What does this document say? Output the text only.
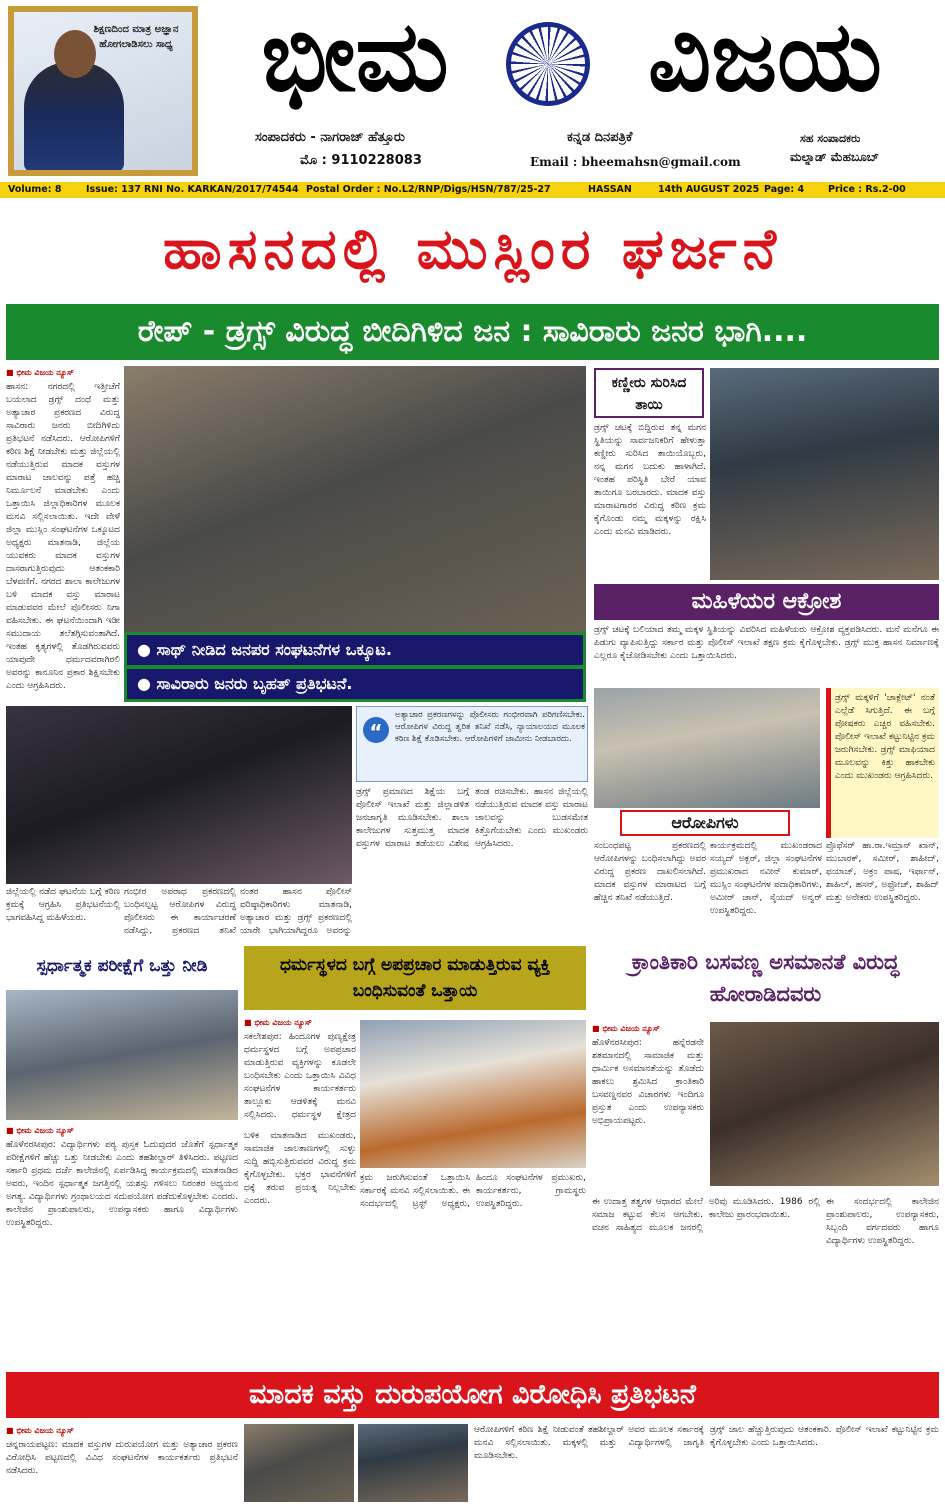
ಶಿಕ್ಷಣದಿಂದ ಮಾತ್ರ ಅಜ್ಞಾನ ಹೋಗಲಾಡಿಸಲು ಸಾಧ್ಯ ಭೀಮ	ವಿಜಯ
ಸಂಪಾದಕರು - ನಾಗರಾಜ್ ಹೆತ್ತೂರು
ಮೊ : 9110228083
ಕನ್ನಡ ದಿನಪತ್ರಿಕೆ
Email : bheemahsn@gmail.com
ಸಹ ಸಂಪಾದಕರು
ಮಲ್ನಾಡ್ ಮೆಹಬೂಬ್
Volume: 8	Issue: 137 RNI No. KARKAN/2017/74544 Postal Order : No.L2/RNP/Digs/HSN/787/25-27	HASSAN	14th AUGUST 2025 Page: 4	Price : Rs.2-00
ಹಾಸನದಲ್ಲಿ ಮುಸ್ಲಿಂರ ಘರ್ಜನೆ
ರೇಪ್ - ಡ್ರಗ್ಸ್ ವಿರುದ್ಧ ಬೀದಿಗಿಳಿದ ಜನ : ಸಾವಿರಾರು ಜನರ ಭಾಗಿ....
■ ಭೀಮ ವಿಜಯ ನ್ಯೂಸ್
ಹಾಸನ: ನಗರದಲ್ಲಿ ಇತ್ತೀಚೆಗೆ ಬಯಲಾದ ಡ್ರಗ್ಸ್ ದಂಧೆ ಮತ್ತು ಅತ್ಯಾಚಾರ ಪ್ರಕರಣದ ವಿರುದ್ಧ ಸಾವಿರಾರು ಜನರು ಬೀದಿಗಿಳಿದು ಪ್ರತಿಭಟನೆ ನಡೆಸಿದರು. ಆರೋಪಿಗಳಿಗೆ ಕಠಿಣ ಶಿಕ್ಷೆ ನೀಡಬೇಕು ಮತ್ತು ಜಿಲ್ಲೆಯಲ್ಲಿ ನಡೆಯುತ್ತಿರುವ ಮಾದಕ ವಸ್ತುಗಳ ಮಾರಾಟ ಜಾಲವನ್ನು ಪತ್ತೆ ಹಚ್ಚಿ ನಿರ್ಮೂಲನೆ ಮಾಡಬೇಕು ಎಂದು ಒತ್ತಾಯಿಸಿ ಜಿಲ್ಲಾಧಿಕಾರಿಗಳ ಮೂಲಕ ಮನವಿ ಸಲ್ಲಿಸಲಾಯಿತು. ಇದೇ ವೇಳೆ ಜಿಲ್ಲಾ ಮುಸ್ಲಿಂ ಸಂಘಟನೆಗಳ ಒಕ್ಕೂಟದ ಅಧ್ಯಕ್ಷರು ಮಾತನಾಡಿ, ಜಿಲ್ಲೆಯ ಯುವಕರು ಮಾದಕ ವಸ್ತುಗಳ ದಾಸರಾಗುತ್ತಿರುವುದು ಆತಂಕಕಾರಿ ಬೆಳವಣಿಗೆ. ನಗರದ ಶಾಲಾ ಕಾಲೇಜುಗಳ ಬಳಿ ಮಾದಕ ವಸ್ತು ಮಾರಾಟ ಮಾಡುವವರ ಮೇಲೆ ಪೊಲೀಸರು ನಿಗಾ ವಹಿಸಬೇಕು. ಈ ಘಟನೆಯಿಂದಾಗಿ ಇಡೀ ಸಮುದಾಯ ತಲೆತಗ್ಗಿಸುವಂತಾಗಿದೆ. ಇಂತಹ ಕೃತ್ಯಗಳಲ್ಲಿ ತೊಡಗಿರುವವರು ಯಾವುದೇ ಧರ್ಮದವರಾಗಿರಲಿ ಅವರನ್ನು ಕಾನೂನಿನ ಪ್ರಕಾರ ಶಿಕ್ಷಿಸಬೇಕು ಎಂದು ಆಗ್ರಹಿಸಿದರು.
● ಸಾಥ್ ನೀಡಿದ ಜನಪರ ಸಂಘಟನೆಗಳ ಒಕ್ಕೂಟ.
● ಸಾವಿರಾರು ಜನರು ಬೃಹತ್ ಪ್ರತಿಭಟನೆ.
ಕಣ್ಣೀರು ಸುರಿಸಿದ ತಾಯಿ
ಡ್ರಗ್ಸ್ ಚಟಕ್ಕೆ ಬಿದ್ದಿರುವ ತನ್ನ ಮಗನ ಸ್ಥಿತಿಯನ್ನು ಸಾರ್ವಜನಿಕರಿಗೆ ಹೇಳುತ್ತಾ ಕಣ್ಣೀರು ಸುರಿಸಿದ ತಾಯಿಯೊಬ್ಬರು, ನನ್ನ ಮಗನ ಬದುಕು ಹಾಳಾಗಿದೆ. ಇಂತಹ ಪರಿಸ್ಥಿತಿ ಬೇರೆ ಯಾವ ತಾಯಿಗೂ ಬರಬಾರದು. ಮಾದಕ ವಸ್ತು ಮಾರಾಟಗಾರರ ವಿರುದ್ಧ ಕಠಿಣ ಕ್ರಮ ಕೈಗೊಂಡು ನಮ್ಮ ಮಕ್ಕಳನ್ನು ರಕ್ಷಿಸಿ ಎಂದು ಮನವಿ ಮಾಡಿದರು.
ಮಹಿಳೆಯರ ಆಕ್ರೋಶ
ಡ್ರಗ್ಸ್ ಚಟಕ್ಕೆ ಬಲಿಯಾದ ತಮ್ಮ ಮಕ್ಕಳ ಸ್ಥಿತಿಯನ್ನು ವಿವರಿಸಿದ ಮಹಿಳೆಯರು ಆಕ್ರೋಶ ವ್ಯಕ್ತಪಡಿಸಿದರು. ಮನೆ ಮನೆಗೂ ಈ ಪಿಡುಗು ವ್ಯಾಪಿಸುತ್ತಿದ್ದು ಸರ್ಕಾರ ಮತ್ತು ಪೊಲೀಸ್ ಇಲಾಖೆ ತಕ್ಷಣ ಕ್ರಮ ಕೈಗೊಳ್ಳಬೇಕು. ಡ್ರಗ್ಸ್ ಮುಕ್ತ ಹಾಸನ ನಿರ್ಮಾಣಕ್ಕೆ ಎಲ್ಲರೂ ಕೈಜೋಡಿಸಬೇಕು ಎಂದು ಒತ್ತಾಯಿಸಿದರು.
ಜಿಲ್ಲೆಯಲ್ಲಿ ನಡೆದ ಘಟನೆಯ ಬಗ್ಗೆ ಕಠಿಣ ಕ್ರಮಕ್ಕೆ ಆಗ್ರಹಿಸಿ ಪ್ರತಿಭಟನೆಯಲ್ಲಿ ಭಾಗವಹಿಸಿದ್ದ ಮಹಿಳೆಯರು.
ಗಂಭೀರ ಅಪರಾಧ ಪ್ರಕರಣದಲ್ಲಿ ಬಂಧಿಸಲ್ಪಟ್ಟ ಆರೋಪಿಗಳ ವಿರುದ್ಧ ಪೊಲೀಸರು ಈ ಕಾರ್ಯಾಚರಣೆ ನಡೆಸಿದ್ದು, ಪ್ರಕರಣದ ತನಿಖೆ
ನಂತರ ಹಾಸನ ಪೊಲೀಸ್ ವರಿಷ್ಠಾಧಿಕಾರಿಗಳು ಮಾತನಾಡಿ, ಅತ್ಯಾಚಾರ ಮತ್ತು ಡ್ರಗ್ಸ್ ಪ್ರಕರಣದಲ್ಲಿ ಯಾರೇ ಭಾಗಿಯಾಗಿದ್ದರೂ ಅವರನ್ನು
“
ಅತ್ಯಾಚಾರ ಪ್ರಕರಣಗಳನ್ನು ಪೊಲೀಸರು ಗಂಭೀರವಾಗಿ ಪರಿಗಣಿಸಬೇಕು. ಆರೋಪಿಗಳ ವಿರುದ್ಧ ತ್ವರಿತ ತನಿಖೆ ನಡೆಸಿ, ನ್ಯಾಯಾಲಯದ ಮೂಲಕ ಕಠಿಣ ಶಿಕ್ಷೆ ಕೊಡಿಸಬೇಕು. ಆರೋಪಿಗಳಿಗೆ ಜಾಮೀನು ನೀಡಬಾರದು.
ಡ್ರಗ್ಸ್ ಪ್ರಮಾಣದ ಶಿಕ್ಷೆಯ ಬಗ್ಗೆ ಪೊಲೀಸ್ ಇಲಾಖೆ ಮತ್ತು ಜಿಲ್ಲಾಡಳಿತ ಜನಜಾಗೃತಿ ಮೂಡಿಸಬೇಕು. ಶಾಲಾ ಕಾಲೇಜುಗಳ ಸುತ್ತಮುತ್ತ ಮಾದಕ ವಸ್ತುಗಳ ಮಾರಾಟ ತಡೆಯಲು ವಿಶೇಷ ತಂಡ ರಚಿಸಬೇಕು. ಹಾಸನ ಜಿಲ್ಲೆಯಲ್ಲಿ ನಡೆಯುತ್ತಿರುವ ಮಾದಕ ವಸ್ತು ಮಾರಾಟ ಜಾಲವನ್ನು ಬುಡಸಮೇತ ಕಿತ್ತೊಗೆಯಬೇಕು ಎಂದು ಮುಖಂಡರು ಆಗ್ರಹಿಸಿದರು.
ಆರೋಪಿಗಳು
ಡ್ರಗ್ಸ್ ಮಕ್ಕಳಿಗೆ 'ಚಾಕ್ಲೇಟ್' ನಂತೆ ಎಲ್ಲೆಡೆ ಸಿಗುತ್ತಿದೆ. ಈ ಬಗ್ಗೆ ಪೋಷಕರು ಎಚ್ಚರ ವಹಿಸಬೇಕು. ಪೊಲೀಸ್ ಇಲಾಖೆ ಕಟ್ಟುನಿಟ್ಟಿನ ಕ್ರಮ ಜರುಗಿಸಬೇಕು. ಡ್ರಗ್ಸ್ ಮಾಫಿಯಾದ ಮೂಲವನ್ನು ಕಿತ್ತು ಹಾಕಬೇಕು ಎಂದು ಮುಖಂಡರು ಆಗ್ರಹಿಸಿದರು.
ಸಂಬಂಧಪಟ್ಟ ಪ್ರಕರಣದಲ್ಲಿ ಆರೋಪಿಗಳನ್ನು ಬಂಧಿಸಲಾಗಿದ್ದು ಅವರ ವಿರುದ್ಧ ಪ್ರಕರಣ ದಾಖಲಿಸಲಾಗಿದೆ. ಮಾದಕ ವಸ್ತುಗಳ ಮಾರಾಟದ ಬಗ್ಗೆ ಹೆಚ್ಚಿನ ತನಿಖೆ ನಡೆಯುತ್ತಿದೆ.
ಕಾರ್ಯಕ್ರಮದಲ್ಲಿ ಮುಖಂಡರಾದ ಸಯ್ಯದ್ ಅಕ್ಬರ್, ಜಿಲ್ಲಾ ಸಂಘಟನೆಗಳ ಪ್ರಮುಖರಾದ ನವೀನ್ ಕುಮಾರ್, ಮುಸ್ಲಿಂ ಸಂಘಟನೆಗಳ ಪದಾಧಿಕಾರಿಗಳು, ಅಮೀರ್ ಜಾನ್, ಸೈಯದ್ ಅನ್ವರ್ ಉಪಸ್ಥಿತರಿದ್ದರು.
ಪ್ರೊಫೆಸರ್ ಹಾ.ರಾ.ಇಮ್ರಾನ್ ಖಾನ್, ಮುಬಾರಕ್, ಸಮೀರ್, ಶಾಹೀದ್, ಫಯಾಜ್, ಅಕ್ರಂ ಪಾಷ, ಇರ್ಫಾನ್, ಶಾಹಿಲ್, ಹಸನ್, ಅಫ್ರೋಜ್, ಶಾಹಿದ್ ಮತ್ತು ಅನೇಕರು ಉಪಸ್ಥಿತರಿದ್ದರು.
ಸ್ಪರ್ಧಾತ್ಮಕ ಪರೀಕ್ಷೆಗೆ ಒತ್ತು ನೀಡಿ
■ ಭೀಮ ವಿಜಯ ನ್ಯೂಸ್
ಹೊಳೆನರಸೀಪುರ: ವಿದ್ಯಾರ್ಥಿಗಳು ಪಠ್ಯ ಪುಸ್ತಕ ಓದುವುದರ ಜೊತೆಗೆ ಸ್ಪರ್ಧಾತ್ಮಕ ಪರೀಕ್ಷೆಗಳಿಗೆ ಹೆಚ್ಚು ಒತ್ತು ನೀಡಬೇಕು ಎಂದು ತಹಶೀಲ್ದಾರ್ ತಿಳಿಸಿದರು. ಪಟ್ಟಣದ ಸರ್ಕಾರಿ ಪ್ರಥಮ ದರ್ಜೆ ಕಾಲೇಜಿನಲ್ಲಿ ಏರ್ಪಡಿಸಿದ್ದ ಕಾರ್ಯಕ್ರಮದಲ್ಲಿ ಮಾತನಾಡಿದ ಅವರು, ಇಂದಿನ ಸ್ಪರ್ಧಾತ್ಮಕ ಜಗತ್ತಿನಲ್ಲಿ ಯಶಸ್ಸು ಗಳಿಸಲು ನಿರಂತರ ಅಧ್ಯಯನ ಅಗತ್ಯ. ವಿದ್ಯಾರ್ಥಿಗಳು ಗ್ರಂಥಾಲಯದ ಸದುಪಯೋಗ ಪಡೆದುಕೊಳ್ಳಬೇಕು ಎಂದರು. ಕಾಲೇಜಿನ ಪ್ರಾಂಶುಪಾಲರು, ಉಪನ್ಯಾಸಕರು ಹಾಗೂ ವಿದ್ಯಾರ್ಥಿಗಳು ಉಪಸ್ಥಿತರಿದ್ದರು.
ಧರ್ಮಸ್ಥಳದ ಬಗ್ಗೆ ಅಪಪ್ರಚಾರ ಮಾಡುತ್ತಿರುವ ವ್ಯಕ್ತಿ ಬಂಧಿಸುವಂತೆ ಒತ್ತಾಯ
■ ಭೀಮ ವಿಜಯ ನ್ಯೂಸ್
ಸಕಲೇಶಪುರ: ಹಿಂದೂಗಳ ಪುಣ್ಯಕ್ಷೇತ್ರ ಧರ್ಮಸ್ಥಳದ ಬಗ್ಗೆ ಅಪಪ್ರಚಾರ ಮಾಡುತ್ತಿರುವ ವ್ಯಕ್ತಿಗಳನ್ನು ಕೂಡಲೇ ಬಂಧಿಸಬೇಕು ಎಂದು ಒತ್ತಾಯಿಸಿ ವಿವಿಧ ಸಂಘಟನೆಗಳ ಕಾರ್ಯಕರ್ತರು ತಾಲ್ಲೂಕು ಆಡಳಿತಕ್ಕೆ ಮನವಿ ಸಲ್ಲಿಸಿದರು. ಧರ್ಮಸ್ಥಳ ಕ್ಷೇತ್ರದ
ಬಳಿಕ ಮಾತನಾಡಿದ ಮುಖಂಡರು, ಸಾಮಾಜಿಕ ಜಾಲತಾಣಗಳಲ್ಲಿ ಸುಳ್ಳು ಸುದ್ದಿ ಹಬ್ಬಿಸುತ್ತಿರುವವರ ವಿರುದ್ಧ ಕ್ರಮ ಕೈಗೊಳ್ಳಬೇಕು. ಭಕ್ತರ ಭಾವನೆಗಳಿಗೆ ಧಕ್ಕೆ ತರುವ ಪ್ರಯತ್ನ ನಿಲ್ಲಬೇಕು ಎಂದರು.
ಕ್ರಮ ಜರುಗಿಸುವಂತೆ ಒತ್ತಾಯಿಸಿ ಸರ್ಕಾರಕ್ಕೆ ಮನವಿ ಸಲ್ಲಿಸಲಾಯಿತು. ಈ ಸಂದರ್ಭದಲ್ಲಿ ಟ್ರಸ್ಟ್ ಅಧ್ಯಕ್ಷರು, ಹಿಂದೂ ಸಂಘಟನೆಗಳ ಪ್ರಮುಖರು, ಕಾರ್ಯಕರ್ತರು, ಗ್ರಾಮಸ್ಥರು ಉಪಸ್ಥಿತರಿದ್ದರು.
ಕ್ರಾಂತಿಕಾರಿ ಬಸವಣ್ಣ ಅಸಮಾನತೆ ವಿರುದ್ಧ ಹೋರಾಡಿದವರು
■ ಭೀಮ ವಿಜಯ ನ್ಯೂಸ್
ಹೊಳೆನರಸೀಪುರ: ಹನ್ನೆರಡನೇ ಶತಮಾನದಲ್ಲಿ ಸಾಮಾಜಿಕ ಮತ್ತು ಧಾರ್ಮಿಕ ಅಸಮಾನತೆಯನ್ನು ತೊಡೆದು ಹಾಕಲು ಶ್ರಮಿಸಿದ ಕ್ರಾಂತಿಕಾರಿ ಬಸವಣ್ಣನವರ ವಿಚಾರಗಳು ಇಂದಿಗೂ ಪ್ರಸ್ತುತ ಎಂದು ಉಪನ್ಯಾಸಕರು ಅಭಿಪ್ರಾಯಪಟ್ಟರು.
ಈ ಉದಾತ್ತ ತತ್ವಗಳ ಆಧಾರದ ಮೇಲೆ ಸಮಾಜ ಕಟ್ಟುವ ಕೆಲಸ ಆಗಬೇಕು. ವಚನ ಸಾಹಿತ್ಯದ ಮೂಲಕ ಜನರಲ್ಲಿ ಅರಿವು ಮೂಡಿಸಿದರು. 1986 ರಲ್ಲಿ ಕಾಲೇಜು ಪ್ರಾರಂಭವಾಯಿತು.
ಈ ಸಂದರ್ಭದಲ್ಲಿ ಕಾಲೇಜಿನ ಪ್ರಾಂಶುಪಾಲರು, ಉಪನ್ಯಾಸಕರು, ಸಿಬ್ಬಂದಿ ವರ್ಗದವರು ಹಾಗೂ ವಿದ್ಯಾರ್ಥಿಗಳು ಉಪಸ್ಥಿತರಿದ್ದರು.
ಮಾದಕ ವಸ್ತು ದುರುಪಯೋಗ ವಿರೋಧಿಸಿ ಪ್ರತಿಭಟನೆ
■ ಭೀಮ ವಿಜಯ ನ್ಯೂಸ್
ಚನ್ನರಾಯಪಟ್ಟಣ: ಮಾದಕ ವಸ್ತುಗಳ ದುರುಪಯೋಗ ಮತ್ತು ಅತ್ಯಾಚಾರ ಪ್ರಕರಣ ವಿರೋಧಿಸಿ ಪಟ್ಟಣದಲ್ಲಿ ವಿವಿಧ ಸಂಘಟನೆಗಳ ಕಾರ್ಯಕರ್ತರು ಪ್ರತಿಭಟನೆ ನಡೆಸಿದರು.
ಆರೋಪಿಗಳಿಗೆ ಕಠಿಣ ಶಿಕ್ಷೆ ನೀಡುವಂತೆ ತಹಶೀಲ್ದಾರ್ ಅವರ ಮೂಲಕ ಸರ್ಕಾರಕ್ಕೆ ಮನವಿ ಸಲ್ಲಿಸಲಾಯಿತು. ಮಕ್ಕಳಲ್ಲಿ ಮತ್ತು ವಿದ್ಯಾರ್ಥಿಗಳಲ್ಲಿ ಜಾಗೃತಿ ಮೂಡಿಸಬೇಕು.
ಡ್ರಗ್ಸ್ ಜಾಲ ಹೆಚ್ಚುತ್ತಿರುವುದು ಆತಂಕಕಾರಿ. ಪೊಲೀಸ್ ಇಲಾಖೆ ಕಟ್ಟುನಿಟ್ಟಿನ ಕ್ರಮ ಕೈಗೊಳ್ಳಬೇಕು ಎಂದು ಒತ್ತಾಯಿಸಿದರು.
